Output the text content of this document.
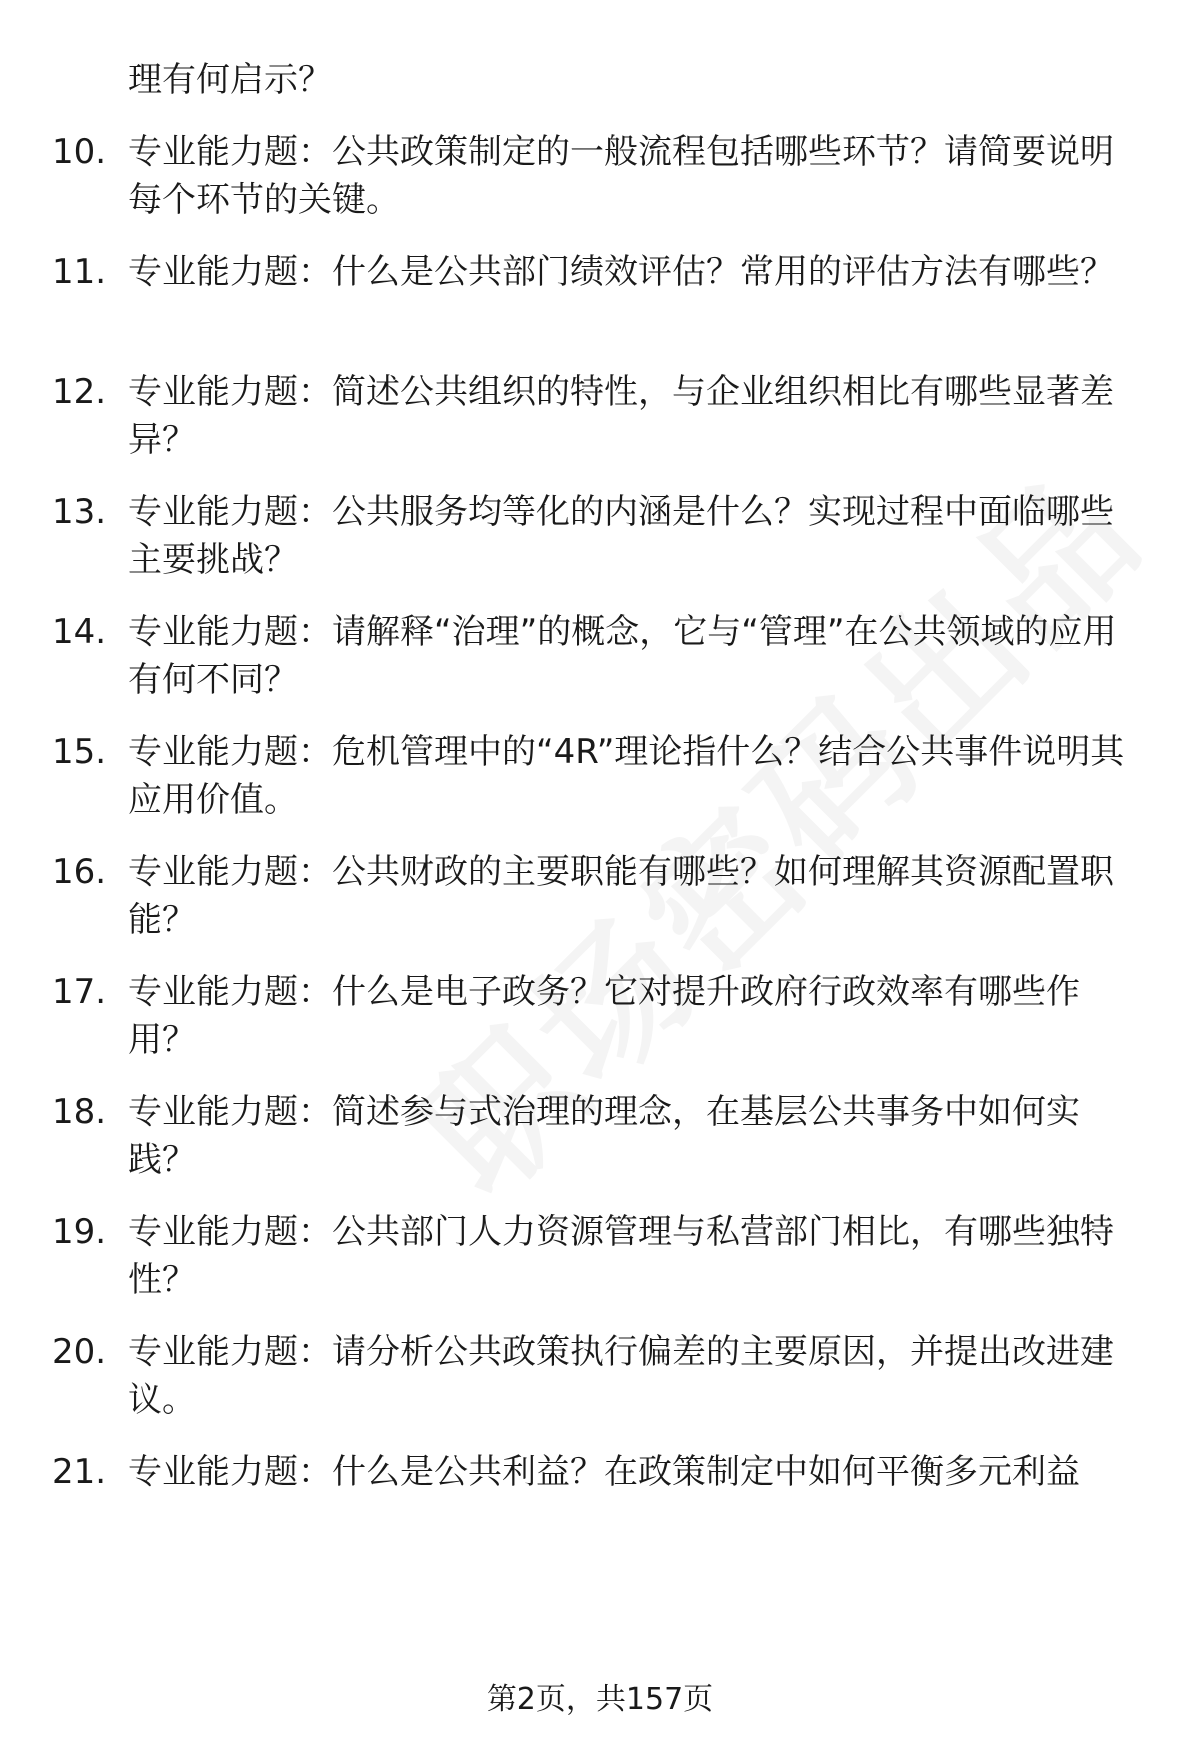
理有何启示？
10. 专业能力题：公共政策制定的一般流程包括哪些环节？请简要说明每个环节的关键。
11. 专业能力题：什么是公共部门绩效评估？常用的评估方法有哪些？
12. 专业能力题：简述公共组织的特性，与企业组织相比有哪些显著差异？
13. 专业能力题：公共服务均等化的内涵是什么？实现过程中面临哪些主要挑战？
14. 专业能力题：请解释“治理”的概念，它与“管理”在公共领域的应用有何不同？
15. 专业能力题：危机管理中的“4R”理论指什么？结合公共事件说明其应用价值。
16. 专业能力题：公共财政的主要职能有哪些？如何理解其资源配置职能？
17. 专业能力题：什么是电子政务？它对提升政府行政效率有哪些作用？
18. 专业能力题：简述参与式治理的理念，在基层公共事务中如何实践？
19. 专业能力题：公共部门人力资源管理与私营部门相比，有哪些独特性？
20. 专业能力题：请分析公共政策执行偏差的主要原因，并提出改进建议。
21. 专业能力题：什么是公共利益？在政策制定中如何平衡多元利益
第2页，共157页
